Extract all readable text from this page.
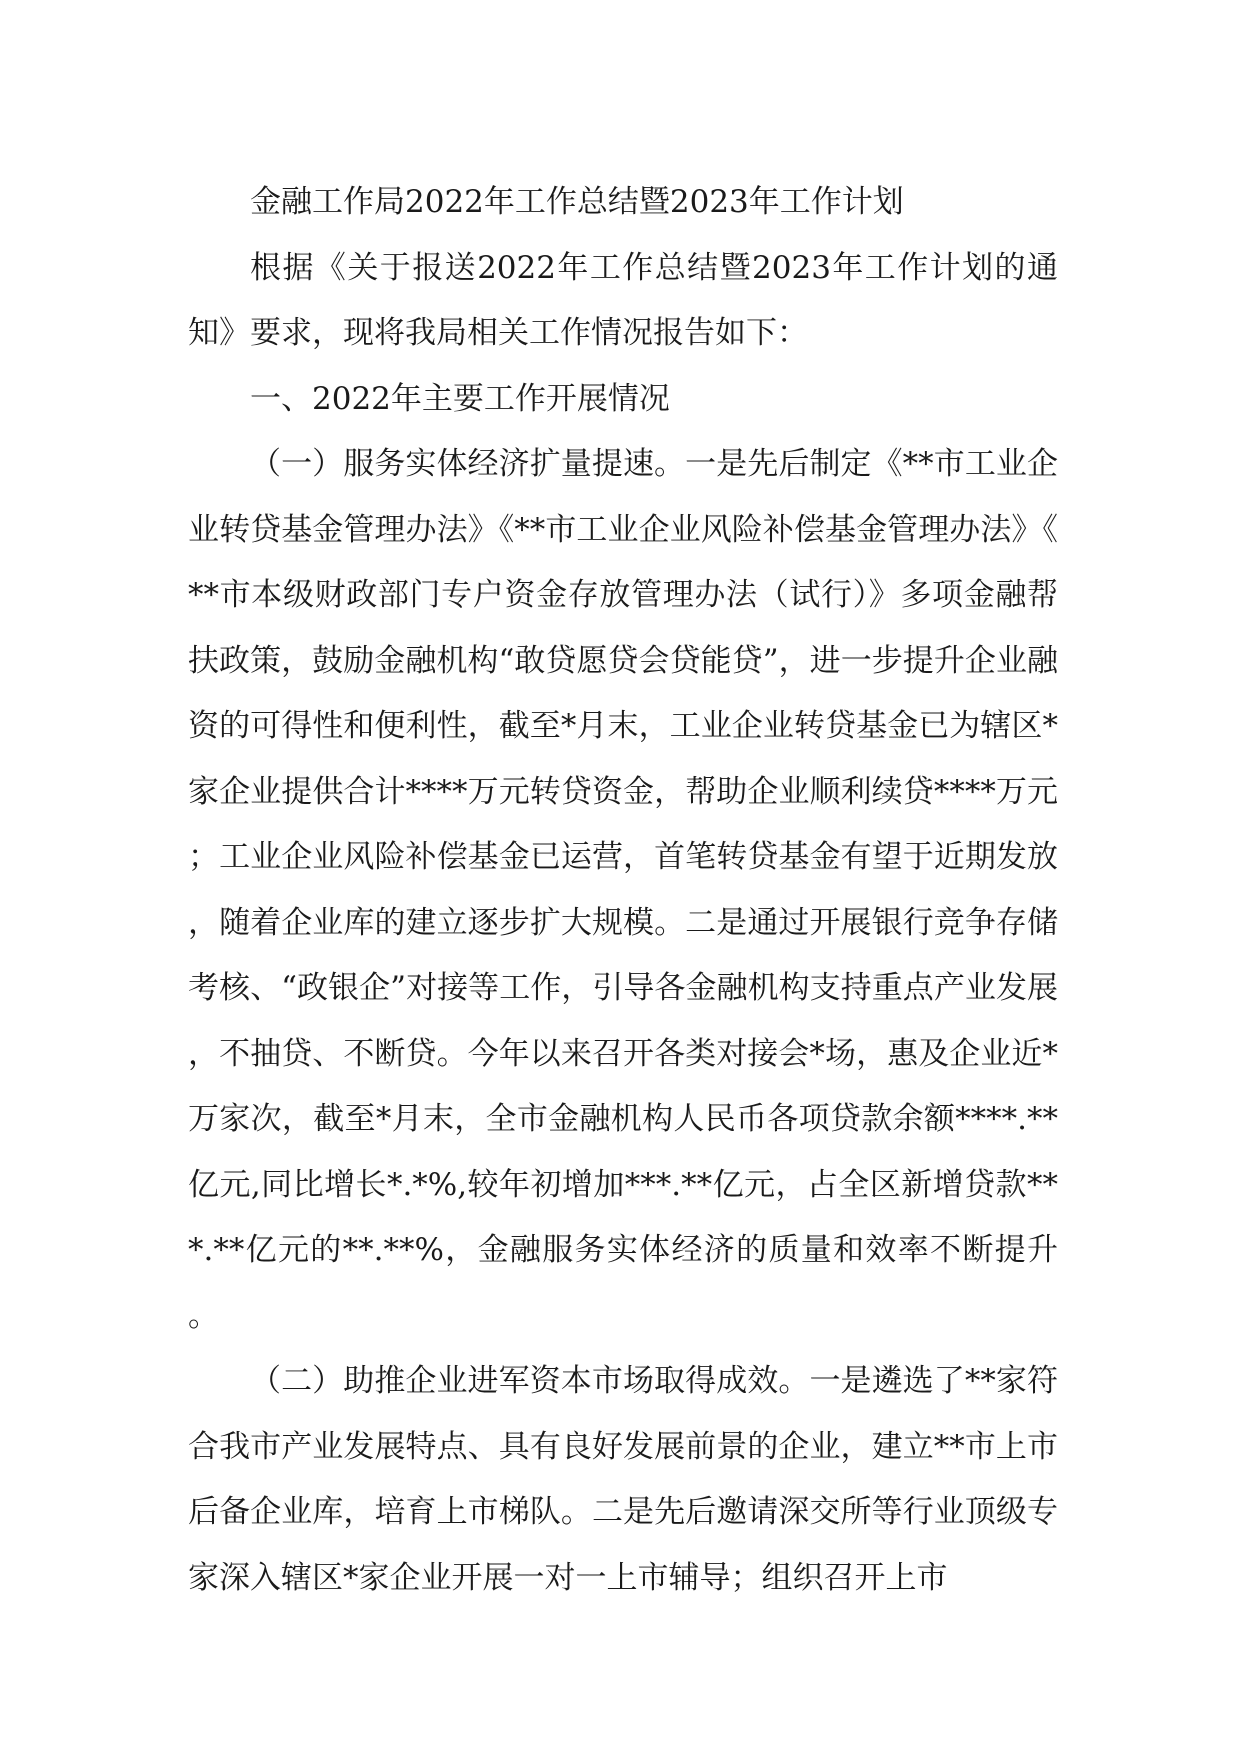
金融工作局2022年工作总结暨2023年工作计划

根据《关于报送2022年工作总结暨2023年工作计划的通知》要求，现将我局相关工作情况报告如下：

一、2022年主要工作开展情况

（一）服务实体经济扩量提速。一是先后制定《**市工业企业转贷基金管理办法》《**市工业企业风险补偿基金管理办法》《**市本级财政部门专户资金存放管理办法（试行）》多项金融帮扶政策，鼓励金融机构“敢贷愿贷会贷能贷”，进一步提升企业融资的可得性和便利性，截至*月末，工业企业转贷基金已为辖区*家企业提供合计****万元转贷资金，帮助企业顺利续贷****万元；工业企业风险补偿基金已运营，首笔转贷基金有望于近期发放，随着企业库的建立逐步扩大规模。二是通过开展银行竞争存储考核、“政银企”对接等工作，引导各金融机构支持重点产业发展，不抽贷、不断贷。今年以来召开各类对接会*场，惠及企业近*万家次，截至*月末，全市金融机构人民币各项贷款余额****.**亿元,同比增长*.*%,较年初增加***.**亿元，占全区新增贷款***.**亿元的**.**%，金融服务实体经济的质量和效率不断提升。

（二）助推企业进军资本市场取得成效。一是遴选了**家符合我市产业发展特点、具有良好发展前景的企业，建立**市上市后备企业库，培育上市梯队。二是先后邀请深交所等行业顶级专家深入辖区*家企业开展一对一上市辅导；组织召开上市
